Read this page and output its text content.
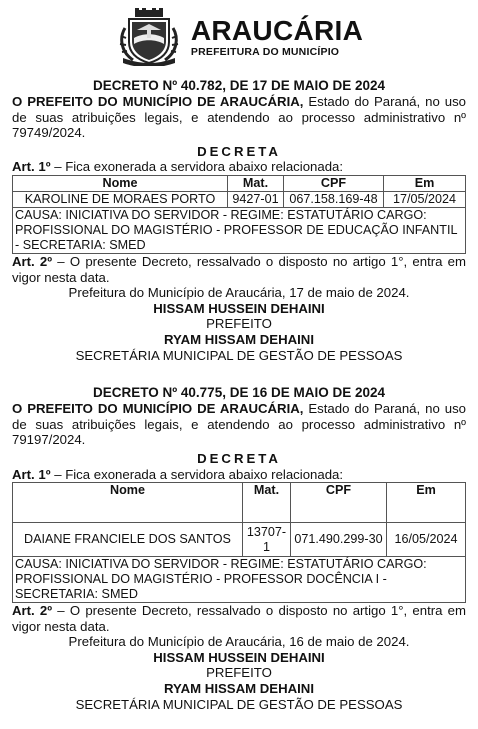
ARAUCÁRIA
PREFEITURA DO MUNICÍPIO
DECRETO Nº 40.782, DE 17 DE MAIO DE 2024

O PREFEITO DO MUNICÍPIO DE ARAUCÁRIA, Estado do Paraná, no uso de suas atribuições legais, e atendendo ao processo administrativo nº 79749/2024.

DECRETA

Art. 1º – Fica exonerada a servidora abaixo relacionada:

Nome	Mat.	CPF	Em
KAROLINE DE MORAES PORTO	9427-01	067.158.169-48	17/05/2024
CAUSA: INICIATIVA DO SERVIDOR - REGIME: ESTATUTÁRIO CARGO: PROFISSIONAL DO MAGISTÉRIO - PROFESSOR DE EDUCAÇÃO INFANTIL - SECRETARIA: SMED			

Art. 2º – O presente Decreto, ressalvado o disposto no artigo 1°, entra em vigor nesta data.

Prefeitura do Município de Araucária, 17 de maio de 2024.
HISSAM HUSSEIN DEHAINI
PREFEITO
RYAM HISSAM DEHAINI
SECRETÁRIA MUNICIPAL DE GESTÃO DE PESSOAS
DECRETO Nº 40.775, DE 16 DE MAIO DE 2024

O PREFEITO DO MUNICÍPIO DE ARAUCÁRIA, Estado do Paraná, no uso de suas atribuições legais, e atendendo ao processo administrativo nº 79197/2024.

DECRETA

Art. 1º – Fica exonerada a servidora abaixo relacionada:

Nome	Mat.	CPF	Em
DAIANE FRANCIELE DOS SANTOS	13707-1	071.490.299-30	16/05/2024
CAUSA: INICIATIVA DO SERVIDOR - REGIME: ESTATUTÁRIO CARGO: PROFISSIONAL DO MAGISTÉRIO - PROFESSOR DOCÊNCIA I - SECRETARIA: SMED			

Art. 2º – O presente Decreto, ressalvado o disposto no artigo 1°, entra em vigor nesta data.

Prefeitura do Município de Araucária, 16 de maio de 2024.
HISSAM HUSSEIN DEHAINI
PREFEITO
RYAM HISSAM DEHAINI
SECRETÁRIA MUNICIPAL DE GESTÃO DE PESSOAS
